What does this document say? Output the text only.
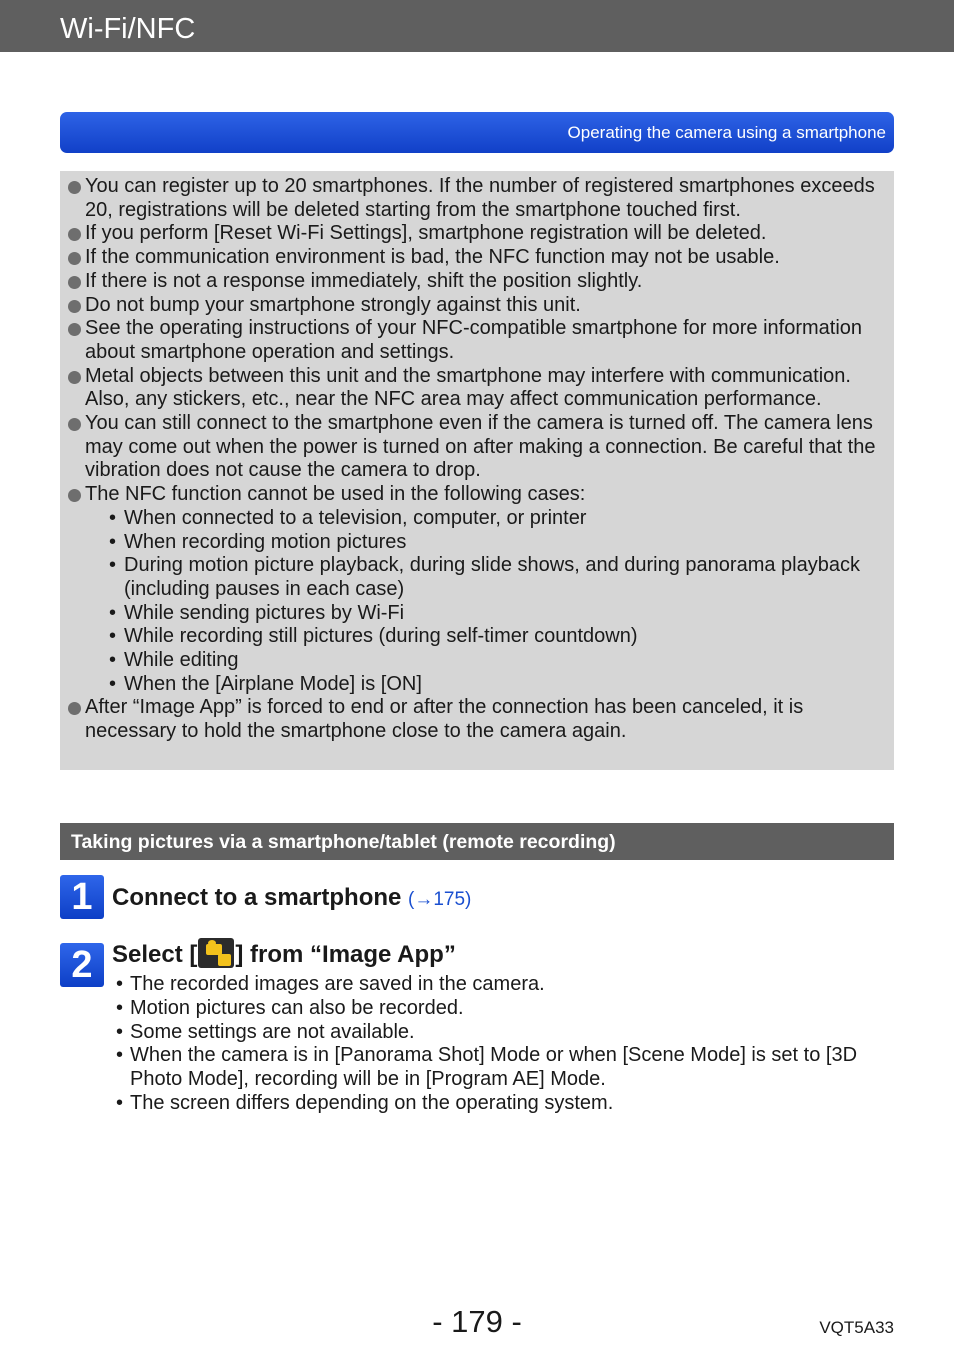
Wi-Fi/NFC
Operating the camera using a smartphone
You can register up to 20 smartphones. If the number of registered smartphones exceeds 20, registrations will be deleted starting from the smartphone touched first.
If you perform [Reset Wi-Fi Settings], smartphone registration will be deleted.
If the communication environment is bad, the NFC function may not be usable.
If there is not a response immediately, shift the position slightly.
Do not bump your smartphone strongly against this unit.
See the operating instructions of your NFC-compatible smartphone for more information about smartphone operation and settings.
Metal objects between this unit and the smartphone may interfere with communication. Also, any stickers, etc., near the NFC area may affect communication performance.
You can still connect to the smartphone even if the camera is turned off. The camera lens may come out when the power is turned on after making a connection. Be careful that the vibration does not cause the camera to drop.
The NFC function cannot be used in the following cases:
• When connected to a television, computer, or printer
• When recording motion pictures
• During motion picture playback, during slide shows, and during panorama playback (including pauses in each case)
• While sending pictures by Wi-Fi
• While recording still pictures (during self-timer countdown)
• While editing
• When the [Airplane Mode] is [ON]
After “Image App” is forced to end or after the connection has been canceled, it is necessary to hold the smartphone close to the camera again.
Taking pictures via a smartphone/tablet (remote recording)
1 Connect to a smartphone (→175)
2 Select [ ] from “Image App”
• The recorded images are saved in the camera.
• Motion pictures can also be recorded.
• Some settings are not available.
• When the camera is in [Panorama Shot] Mode or when [Scene Mode] is set to [3D Photo Mode], recording will be in [Program AE] Mode.
• The screen differs depending on the operating system.
- 179 -	VQT5A33
